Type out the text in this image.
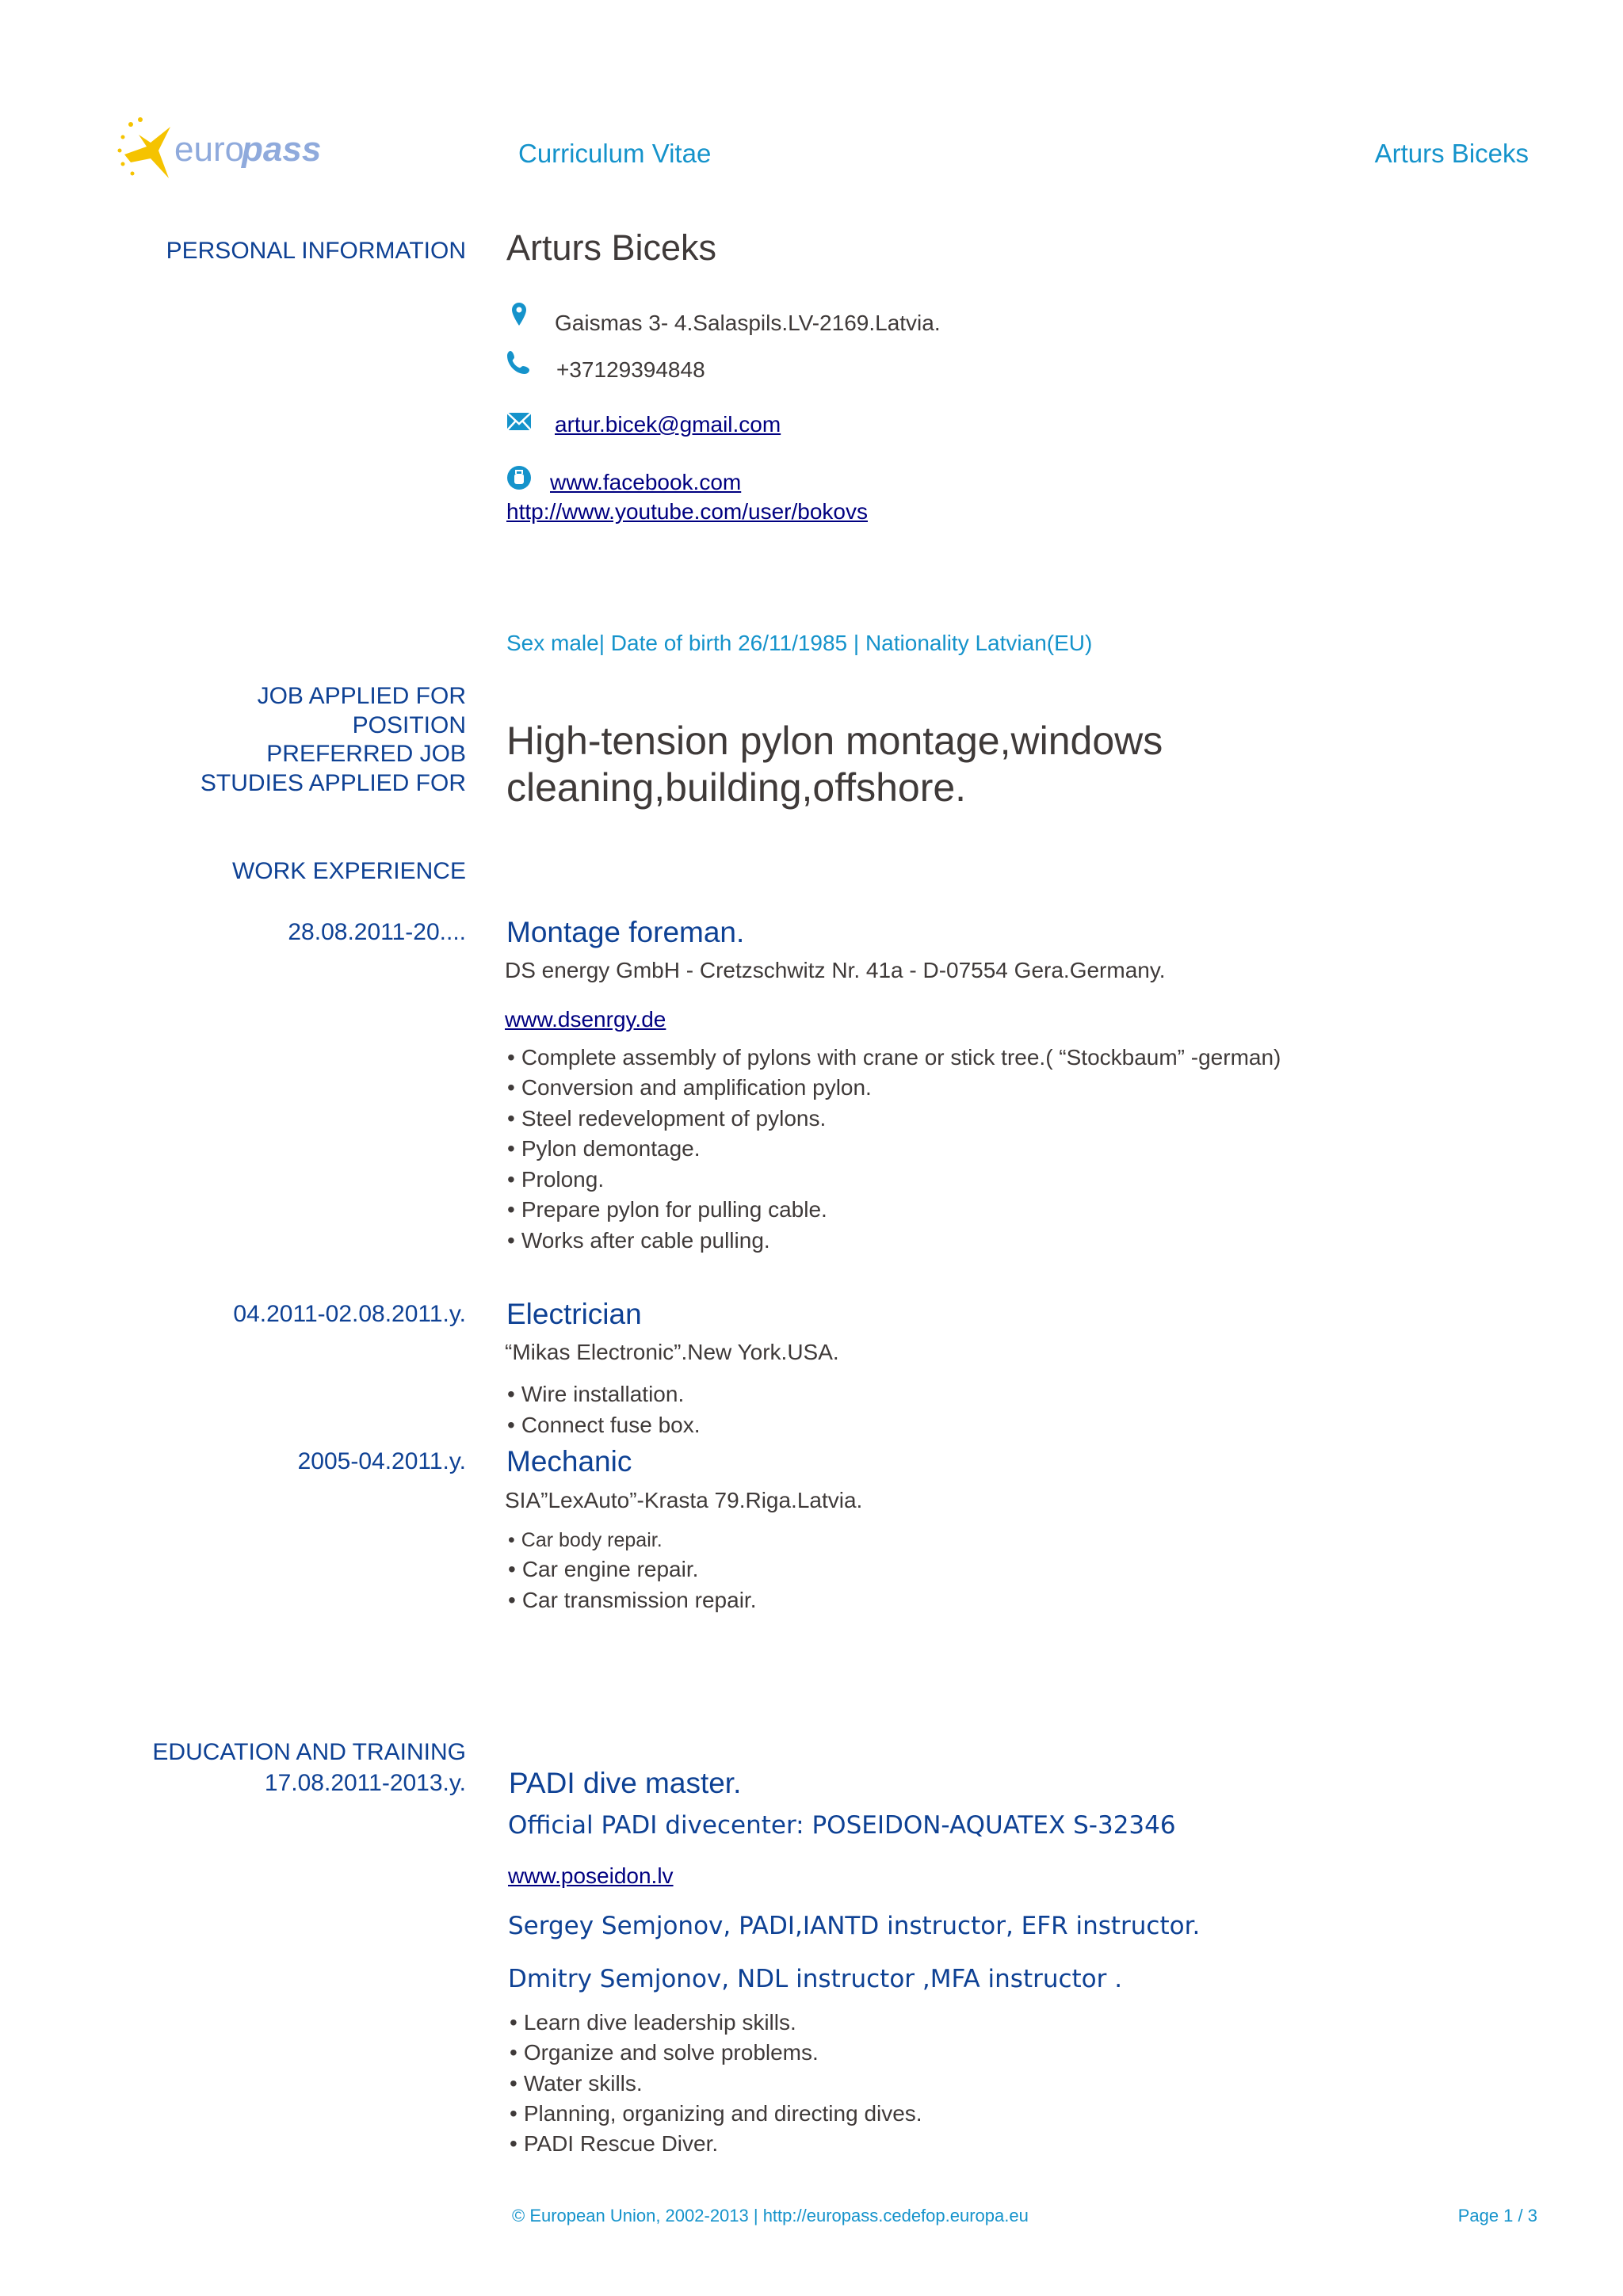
euro
pass	Curriculum Vitae	Arturs Biceks
PERSONAL INFORMATION Arturs Biceks
Gaismas 3- 4.Salaspils.LV-2169.Latvia.
+37129394848
artur.bicek@gmail.com
www.facebook.com
http://www.youtube.com/user/bokovs
Sex male| Date of birth 26/11/1985 | Nationality Latvian(EU)
JOB APPLIED FOR
POSITION
PREFERRED JOB
STUDIES APPLIED FOR
High-tension pylon montage,windows
cleaning,building,offshore.
WORK EXPERIENCE
28.08.2011-20.... Montage foreman.
DS energy GmbH - Cretzschwitz Nr. 41a - D-07554 Gera.Germany.
www.dsenrgy.de
• Complete assembly of pylons with crane or stick tree.( “Stockbaum” -german)
• Conversion and amplification pylon.
• Steel redevelopment of pylons.
• Pylon demontage.
• Prolong.
• Prepare pylon for pulling cable.
• Works after cable pulling.
04.2011-02.08.2011.y. Electrician
“Mikas Electronic”.New York.USA.
• Wire installation.
• Connect fuse box.
2005-04.2011.y. Mechanic
SIA”LexAuto”-Krasta 79.Riga.Latvia.
• Car body repair.
• Car engine repair.
• Car transmission repair.
EDUCATION AND TRAINING
17.08.2011-2013.y. PADI dive master.
Official PADI divecenter: POSEIDON-AQUATEX S-32346
www.poseidon.lv
Sergey Semjonov, PADI,IANTD instructor, EFR instructor.
Dmitry Semjonov, NDL instructor ,MFA instructor .
• Learn dive leadership skills.
• Organize and solve problems.
• Water skills.
• Planning, organizing and directing dives.
• PADI Rescue Diver.
© European Union, 2002-2013 | http://europass.cedefop.europa.eu	Page 1 / 3
